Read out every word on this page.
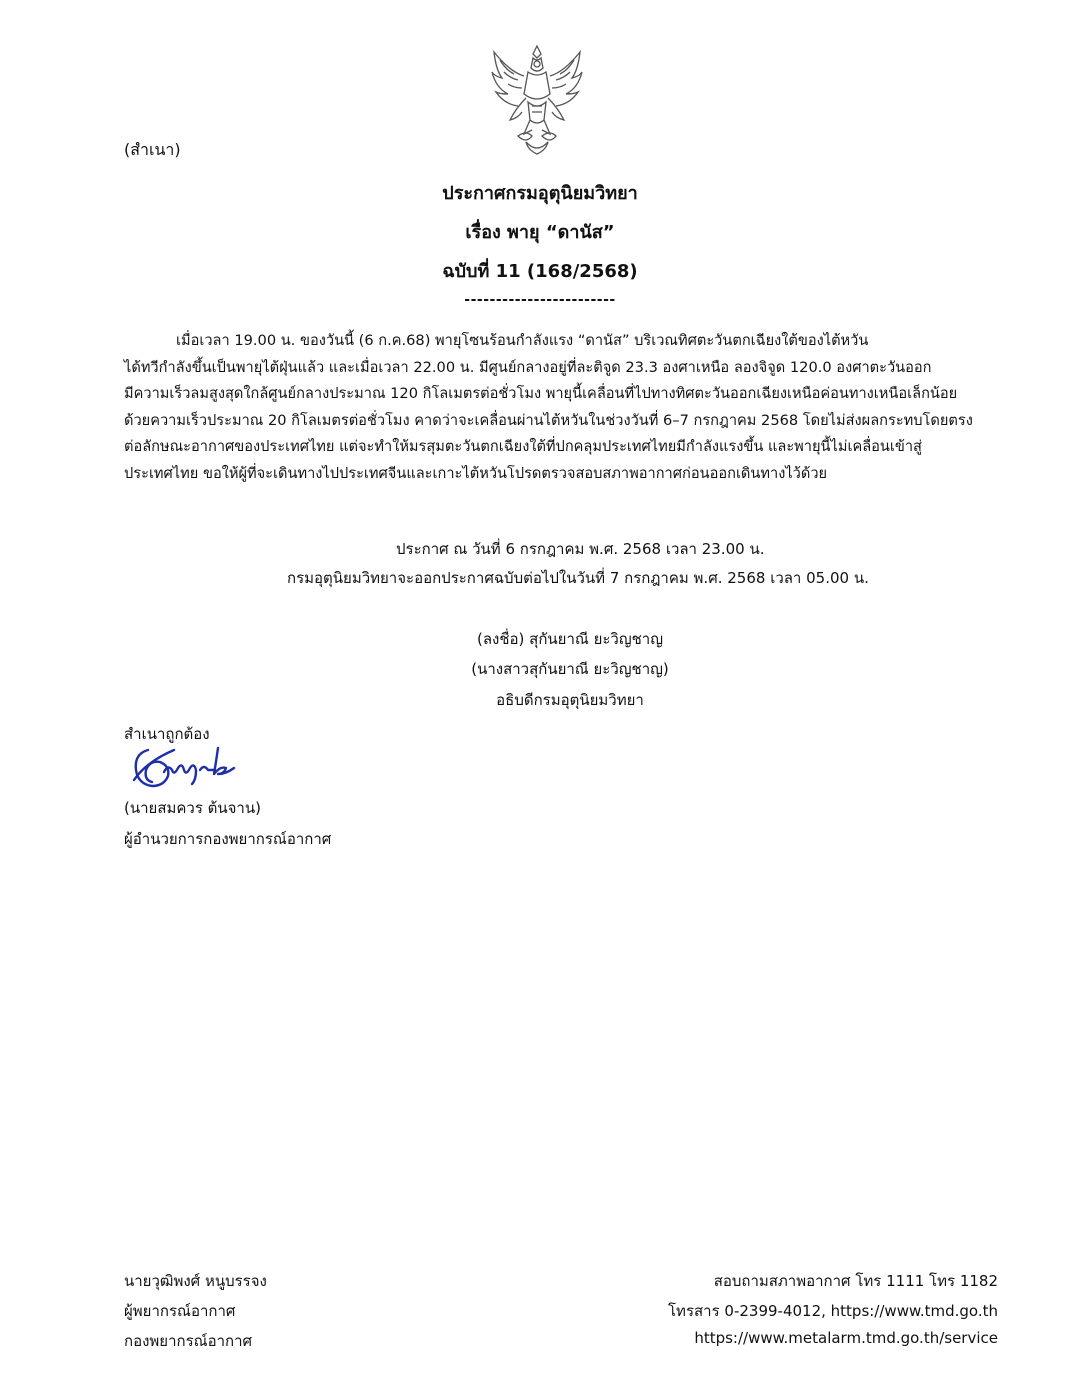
(สำเนา)
ประกาศกรมอุตุนิยมวิทยา
เรื่อง พายุ “ดานัส”
ฉบับที่ 11 (168/2568)
------------------------
เมื่อเวลา 19.00 น. ของวันนี้ (6 ก.ค.68) พายุโซนร้อนกำลังแรง “ดานัส” บริเวณทิศตะวันตกเฉียงใต้ของไต้หวัน
ได้ทวีกำลังขึ้นเป็นพายุไต้ฝุ่นแล้ว และเมื่อเวลา 22.00 น. มีศูนย์กลางอยู่ที่ละติจูด 23.3 องศาเหนือ ลองจิจูด 120.0 องศาตะวันออก
มีความเร็วลมสูงสุดใกล้ศูนย์กลางประมาณ 120 กิโลเมตรต่อชั่วโมง พายุนี้เคลื่อนที่ไปทางทิศตะวันออกเฉียงเหนือค่อนทางเหนือเล็กน้อย
ด้วยความเร็วประมาณ 20 กิโลเมตรต่อชั่วโมง คาดว่าจะเคลื่อนผ่านไต้หวันในช่วงวันที่ 6–7 กรกฎาคม 2568 โดยไม่ส่งผลกระทบโดยตรง
ต่อลักษณะอากาศของประเทศไทย แต่จะทำให้มรสุมตะวันตกเฉียงใต้ที่ปกคลุมประเทศไทยมีกำลังแรงขึ้น และพายุนี้ไม่เคลื่อนเข้าสู่
ประเทศไทย ขอให้ผู้ที่จะเดินทางไปประเทศจีนและเกาะไต้หวันโปรดตรวจสอบสภาพอากาศก่อนออกเดินทางไว้ด้วย
ประกาศ ณ วันที่ 6 กรกฎาคม พ.ศ. 2568 เวลา 23.00 น.
กรมอุตุนิยมวิทยาจะออกประกาศฉบับต่อไปในวันที่ 7 กรกฎาคม พ.ศ. 2568 เวลา 05.00 น.
(ลงชื่อ) สุกันยาณี ยะวิญชาญ
(นางสาวสุกันยาณี ยะวิญชาญ)
อธิบดีกรมอุตุนิยมวิทยา
สำเนาถูกต้อง
(นายสมควร ต้นจาน)
ผู้อำนวยการกองพยากรณ์อากาศ
นายวุฒิพงศ์ หนูบรรจง
ผู้พยากรณ์อากาศ
กองพยากรณ์อากาศ
สอบถามสภาพอากาศ โทร 1111 โทร 1182
โทรสาร 0-2399-4012, https://www.tmd.go.th
https://www.metalarm.tmd.go.th/service
